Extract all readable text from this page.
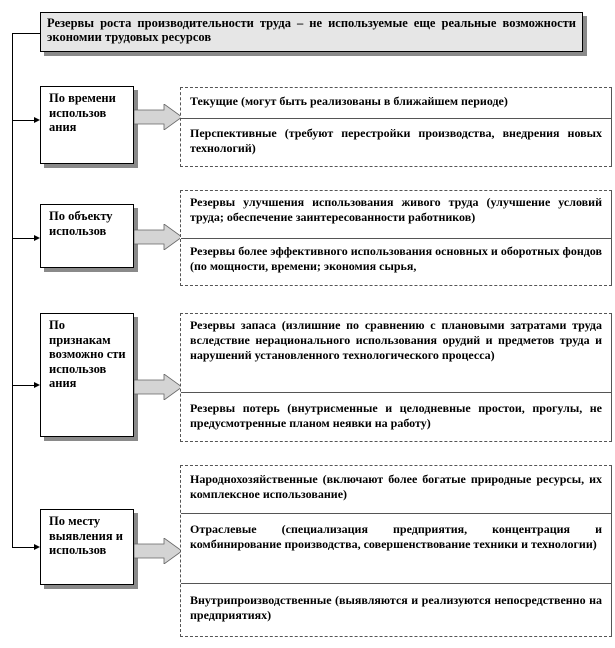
Резервы роста производительности труда – не используемые еще реальные возможности экономии трудовых ресурсов
По времени использов ания
Текущие (могут быть реализованы в ближайшем периоде)
Перспективные (требуют перестройки производства, внедрения новых технологий)
По объекту использов
Резервы улучшения использования живого труда (улучшение условий труда; обеспечение заинтересованности работников)
Резервы более эффективного использования основных и оборотных фондов (по мощности, времени; экономия сырья,
По признакам возможно сти использов ания
Резервы запаса (излишние по сравнению с плановыми затратами труда вследствие нерационального использования орудий и предметов труда и нарушений установленного технологического процесса)
Резервы потерь (внутрисменные и целодневные простои, прогулы, не предусмотренные планом неявки на работу)
По месту выявления и использов
Народнохозяйственные (включают более богатые природные ресурсы, их комплексное использование)
Отраслевые (специализация предприятия, концентрация и комбинирование производства, совершенствование техники и технологии)
Внутрипроизводственные (выявляются и реализуются непосредственно на предприятиях)
